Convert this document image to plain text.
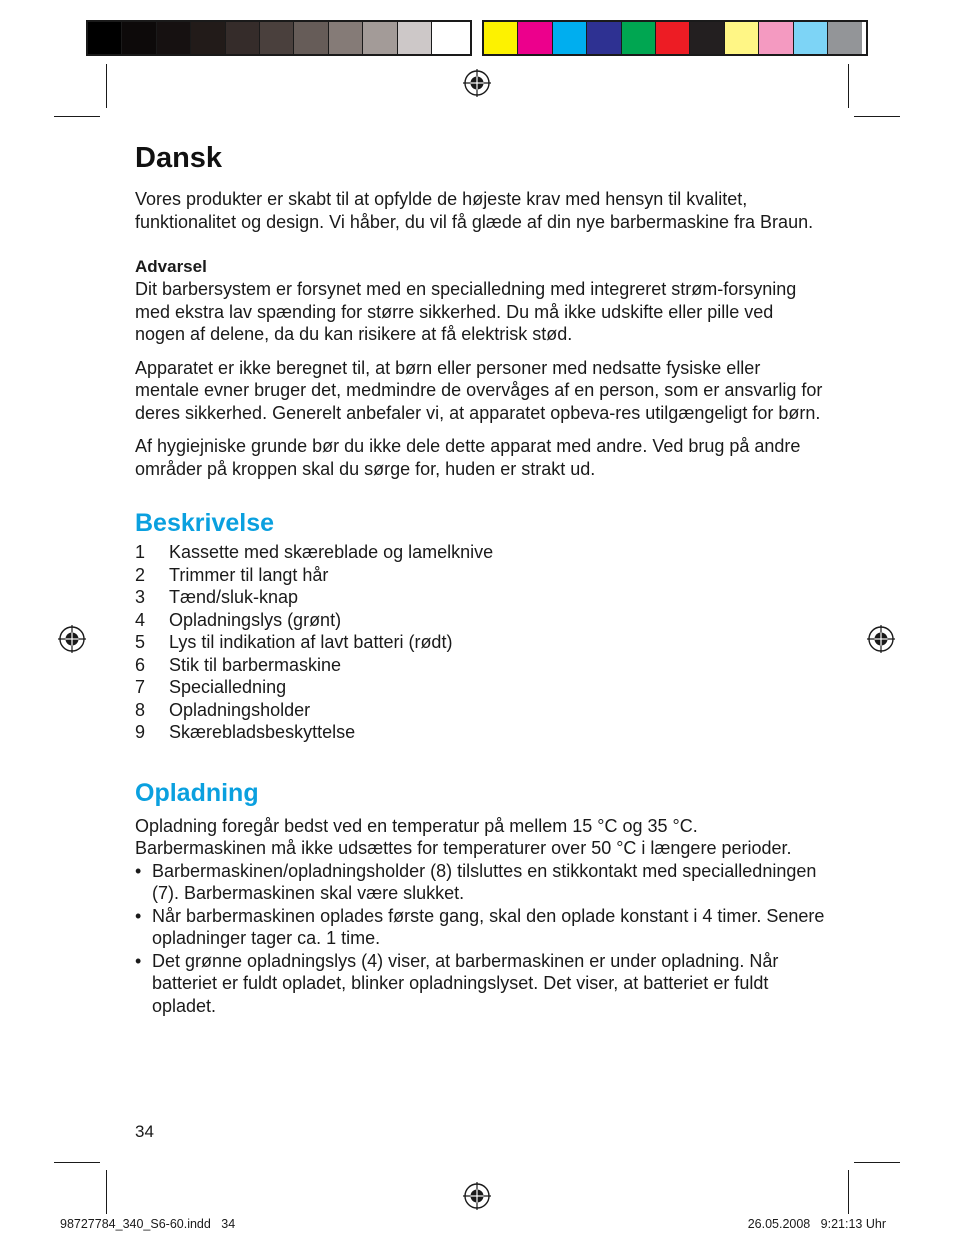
Dansk

Vores produkter er skabt til at opfylde de højeste krav med hensyn til kvalitet, funktionalitet og design. Vi håber, du vil få glæde af din nye barbermaskine fra Braun.

Advarsel

Dit barbersystem er forsynet med en specialledning med integreret strøm-forsyning med ekstra lav spænding for større sikkerhed. Du må ikke udskifte eller pille ved nogen af delene, da du kan risikere at få elektrisk stød.

Apparatet er ikke beregnet til, at børn eller personer med nedsatte fysiske eller mentale evner bruger det, medmindre de overvåges af en person, som er ansvarlig for deres sikkerhed. Generelt anbefaler vi, at apparatet opbeva-res utilgængeligt for børn.

Af hygiejniske grunde bør du ikke dele dette apparat med andre. Ved brug på andre områder på kroppen skal du sørge for, huden er strakt ud.

Beskrivelse
1	Kassette med skæreblade og lamelknive
2	Trimmer til langt hår
3	Tænd/sluk-knap
4	Opladningslys (grønt)
5	Lys til indikation af lavt batteri (rødt)
6	Stik til barbermaskine
7	Specialledning
8	Opladningsholder
9	Skærebladsbeskyttelse
Opladning

Opladning foregår bedst ved en temperatur på mellem 15 °C og 35 °C. Barbermaskinen må ikke udsættes for temperaturer over 50 °C i længere perioder.

• Barbermaskinen/opladningsholder (8) tilsluttes en stikkontakt med specialledningen (7). Barbermaskinen skal være slukket.
• Når barbermaskinen oplades første gang, skal den oplade konstant i 4 timer. Senere opladninger tager ca. 1 time.
• Det grønne opladningslys (4) viser, at barbermaskinen er under opladning. Når batteriet er fuldt opladet, blinker opladningslyset. Det viser, at batteriet er fuldt opladet.
34
98727784_340_S6-60.indd   34	26.05.2008   9:21:13 Uhr
